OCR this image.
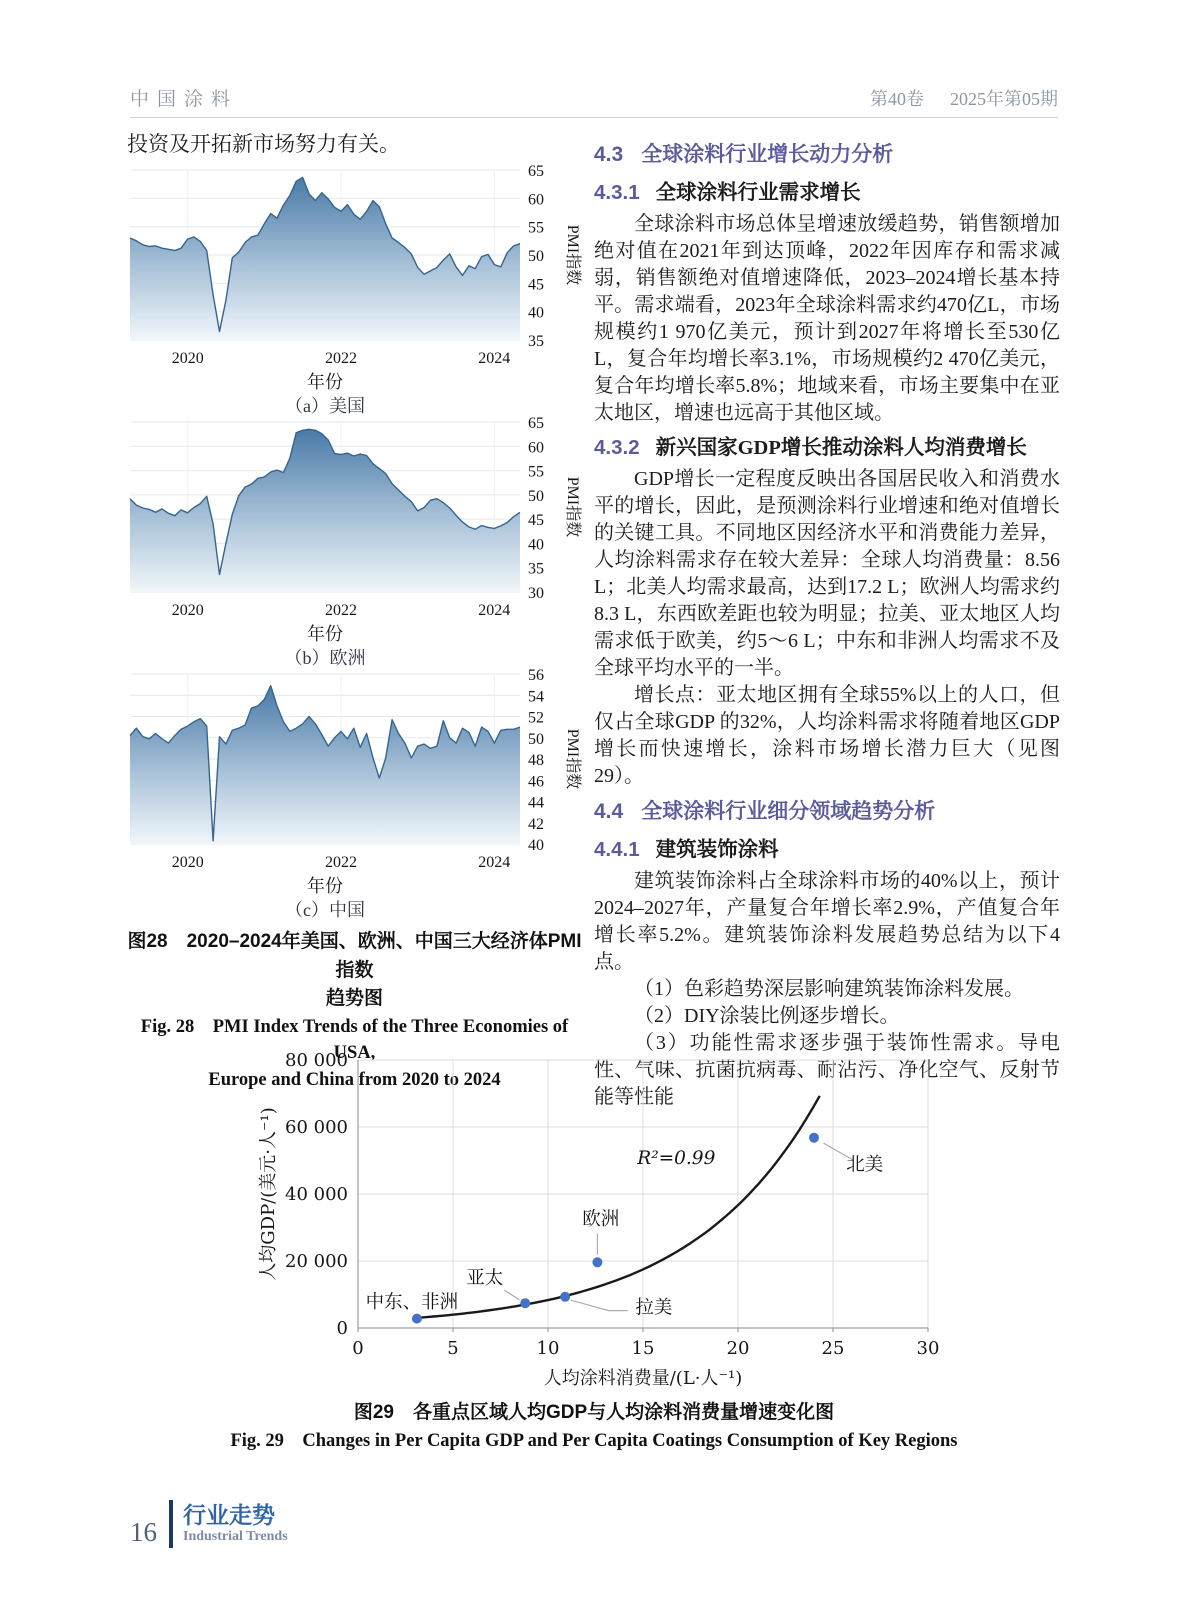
中国涂料	第40卷 2025年第05期

投资及开拓新市场努力有关。

35
40
45
50
55
60
65
PMI指数
2020	2022	2024
年份
（a）美国
30
35
40
45
50
55
60
65
PMI指数
2020	2022	2024
年份
（b）欧洲
40
42
44
46
48
50
52
54
56
PMI指数
2020	2022	2024
年份
（c）中国
图28　2020–2024年美国、欧洲、中国三大经济体PMI指数
趋势图
Fig. 28　PMI Index Trends of the Three Economies of USA,
Europe and China from 2020 to 2024
4.3 全球涂料行业增长动力分析
4.3.1 全球涂料行业需求增长

全球涂料市场总体呈增速放缓趋势，销售额增加绝对值在2021年到达顶峰，2022年因库存和需求减弱，销售额绝对值增速降低，2023–2024增长基本持平。需求端看，2023年全球涂料需求约470亿L，市场规模约1 970亿美元，预计到2027年将增长至530亿L，复合年均增长率3.1%，市场规模约2 470亿美元，复合年均增长率5.8%；地域来看，市场主要集中在亚太地区，增速也远高于其他区域。

4.3.2 新兴国家GDP增长推动涂料人均消费增长

GDP增长一定程度反映出各国居民收入和消费水平的增长，因此，是预测涂料行业增速和绝对值增长的关键工具。不同地区因经济水平和消费能力差异，人均涂料需求存在较大差异：全球人均消费量：8.56 L；北美人均需求最高，达到17.2 L；欧洲人均需求约8.3 L，东西欧差距也较为明显；拉美、亚太地区人均需求低于欧美，约5～6 L；中东和非洲人均需求不及全球平均水平的一半。

增长点：亚太地区拥有全球55%以上的人口，但仅占全球GDP 的32%，人均涂料需求将随着地区GDP增长而快速增长，涂料市场增长潜力巨大（见图29）。

4.4 全球涂料行业细分领域趋势分析
4.4.1 建筑装饰涂料

建筑装饰涂料占全球涂料市场的40%以上，预计2024–2027年，产量复合年增长率2.9%，产值复合年增长率5.2%。建筑装饰涂料发展趋势总结为以下4点。

（1）色彩趋势深层影响建筑装饰涂料发展。

（2）DIY涂装比例逐步增长。

（3）功能性需求逐步强于装饰性需求。导电性、气味、抗菌抗病毒、耐沾污、净化空气、反射节能等性能

中东、非洲
亚太
拉美
欧洲
北美
R²=0.99
0
20 000
40 000
60 000
80 000
0	5	10	15	20	25	30
人均GDP/(美元·人⁻¹)
人均涂料消费量/(L·人⁻¹)
图29　各重点区域人均GDP与人均涂料消费量增速变化图
Fig. 29　Changes in Per Capita GDP and Per Capita Coatings Consumption of Key Regions
16
行业走势
Industrial Trends
